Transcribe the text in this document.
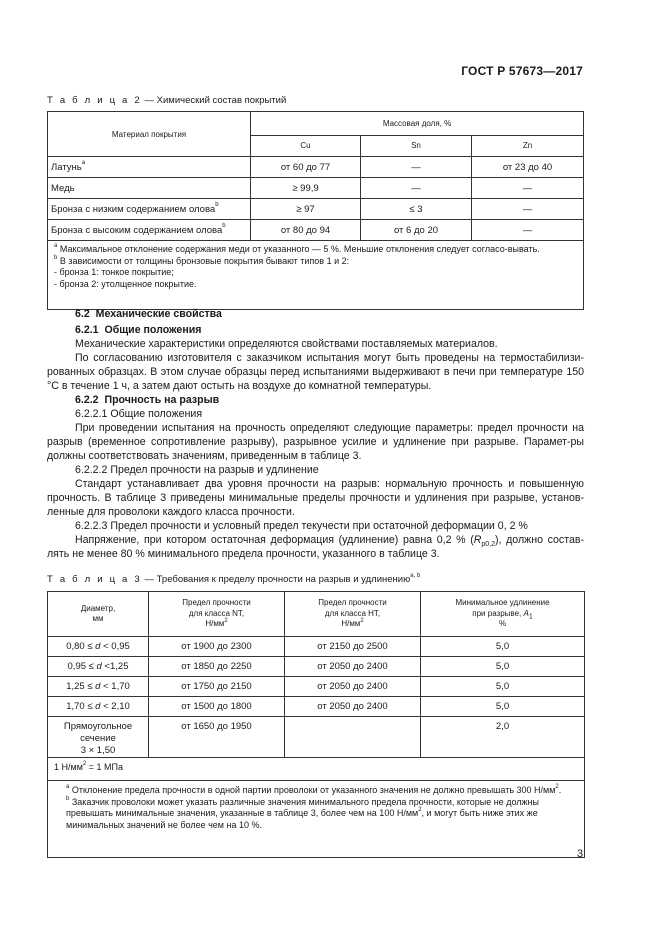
ГОСТ Р 57673—2017
Т а б л и ц а 2 — Химический состав покрытий
Материал покрытия	Массовая доля, %		
	Cu	Sn	Zn
Латунь$^а$	от 60 до 77	—	от 23 до 40
Медь	≥ 99,9	—	—
Бронза с низким содержанием олова$^b$	≥ 97	≤ 3	—
Бронза с высоким содержанием олова$^b$	от 80 до 94	от 6 до 20	—

$^а$ Максимальное отклонение содержания меди от указанного — 5 %. Меньшие отклонения следует согласо-вывать.
$^b$ В зависимости от толщины бронзовые покрытия бывают типов 1 и 2:
- бронза 1: тонкое покрытие;
- бронза 2: утолщенное покрытие.			

6.2 Механические свойства

6.2.1 Общие положения

Механические характеристики определяются свойствами поставляемых материалов.

По согласованию изготовителя с заказчиком испытания могут быть проведены на термостабилизи-рованных образцах. В этом случае образцы перед испытаниями выдерживают в печи при температуре 150 °С в течение 1 ч, а затем дают остыть на воздухе до комнатной температуры.

6.2.2 Прочность на разрыв

6.2.2.1 Общие положения

При проведении испытания на прочность определяют следующие параметры: предел прочности на разрыв (временное сопротивление разрыву), разрывное усилие и удлинение при разрыве. Парамет-ры должны соответствовать значениям, приведенным в таблице 3.

6.2.2.2 Предел прочности на разрыв и удлинение

Стандарт устанавливает два уровня прочности на разрыв: нормальную прочность и повышенную прочность. В таблице 3 приведены минимальные пределы прочности и удлинения при разрыве, установ-ленные для проволоки каждого класса прочности.

6.2.2.3 Предел прочности и условный предел текучести при остаточной деформации 0, 2 %

Напряжение, при котором остаточная деформация (удлинение) равна 0,2 % $(R_{p0,2})$, должно состав-лять не менее 80 % минимального предела прочности, указанного в таблице 3.

Т а б л и ц а 3 — Требования к пределу прочности на разрыв и удлинению$^{а, b}$
Диаметр,
мм	Предел прочности
для класса NT,
$Н/мм^2$	Предел прочности
для класса НТ,
$Н/мм^2$	Минимальное удлинение
при разрыве, $A_1$
%
0,80 ≤ d < 0,95	от 1900 до 2300	от 2150 до 2500	5,0
0,95 ≤ d <1,25	от 1850 до 2250	от 2050 до 2400	5,0
1,25 ≤ d < 1,70	от 1750 до 2150	от 2050 до 2400	5,0
1,70 ≤ d < 2,10	от 1500 до 1800	от 2050 до 2400	5,0
Прямоугольное сечение
3 × 1,50	от 1650 до 1950		2,0
1 $Н/мм^2 = 1$ МПа			

$^а$ Отклонение предела прочности в одной партии проволоки от указанного значения не должно превышать 300 $Н/мм^2$.
$^b$ Заказчик проволоки может указать различные значения минимального предела прочности, которые не должны превышать минимальные значения, указанные в таблице 3, более чем на 100 $Н/мм^2$, и могут быть ниже этих же минимальных значений не более чем на 10 %.			
3
